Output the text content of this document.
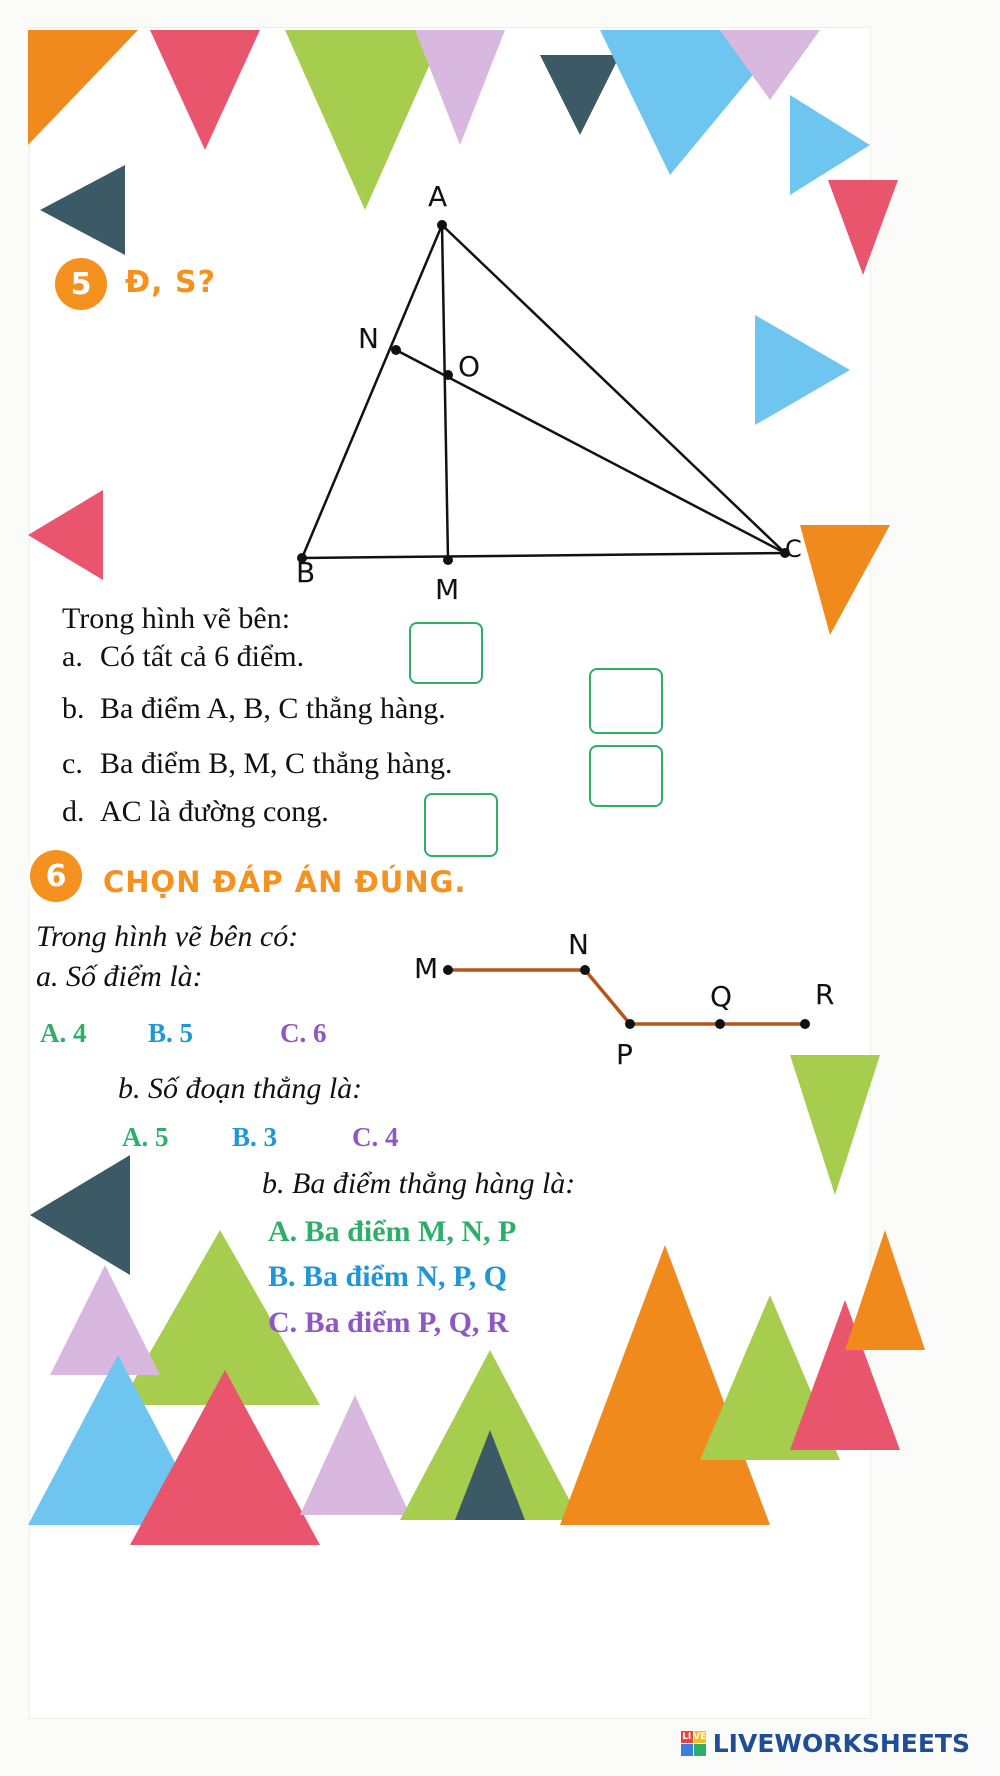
5	Đ, S?
A
N
O
B
M
C
Trong hình vẽ bên:
a. Có tất cả 6 điểm.
b. Ba điểm A, B, C thẳng hàng.
c. Ba điểm B, M, C thẳng hàng.
d. AC là đường cong.
6	CHỌN ĐÁP ÁN ĐÚNG.
Trong hình vẽ bên có:
M
N
P
Q	R
a. Số điểm là:
A. 4 B. 5	C. 6
b. Số đoạn thẳng là:
A. 5 B. 3	C. 4
b. Ba điểm thẳng hàng là:
A. Ba điểm M, N, P
B. Ba điểm N, P, Q
C. Ba điểm P, Q, R
LI VE LIVEWORKSHEETS
